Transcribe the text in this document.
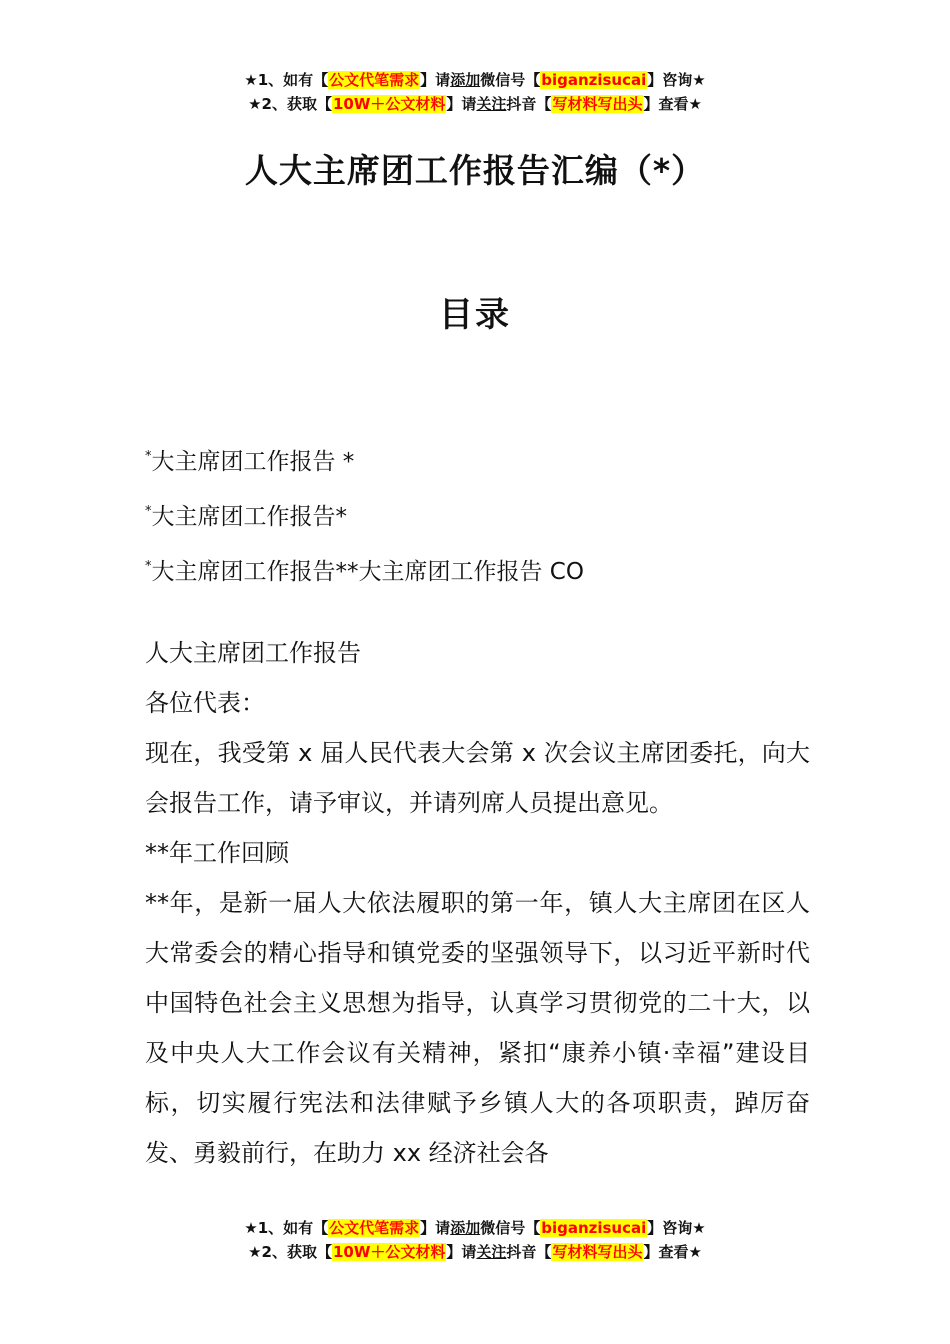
★1、如有【公文代笔需求】请添加微信号【biganzisucai】咨询★
★2、获取【10W＋公文材料】请关注抖音【写材料写出头】查看★
人大主席团工作报告汇编（*）
目录
*大主席团工作报告 *
*大主席团工作报告*
*大主席团工作报告**大主席团工作报告 CO

人大主席团工作报告

各位代表：

现在，我受第 x 届人民代表大会第 x 次会议主席团委托，向大会报告工作，请予审议，并请列席人员提出意见。

**年工作回顾

**年，是新一届人大依法履职的第一年，镇人大主席团在区人大常委会的精心指导和镇党委的坚强领导下，以习近平新时代中国特色社会主义思想为指导，认真学习贯彻党的二十大，以及中央人大工作会议有关精神，紧扣“康养小镇·幸福”建设目标，切实履行宪法和法律赋予乡镇人大的各项职责，踔厉奋发、勇毅前行，在助力 xx 经济社会各

★1、如有【公文代笔需求】请添加微信号【biganzisucai】咨询★
★2、获取【10W＋公文材料】请关注抖音【写材料写出头】查看★
